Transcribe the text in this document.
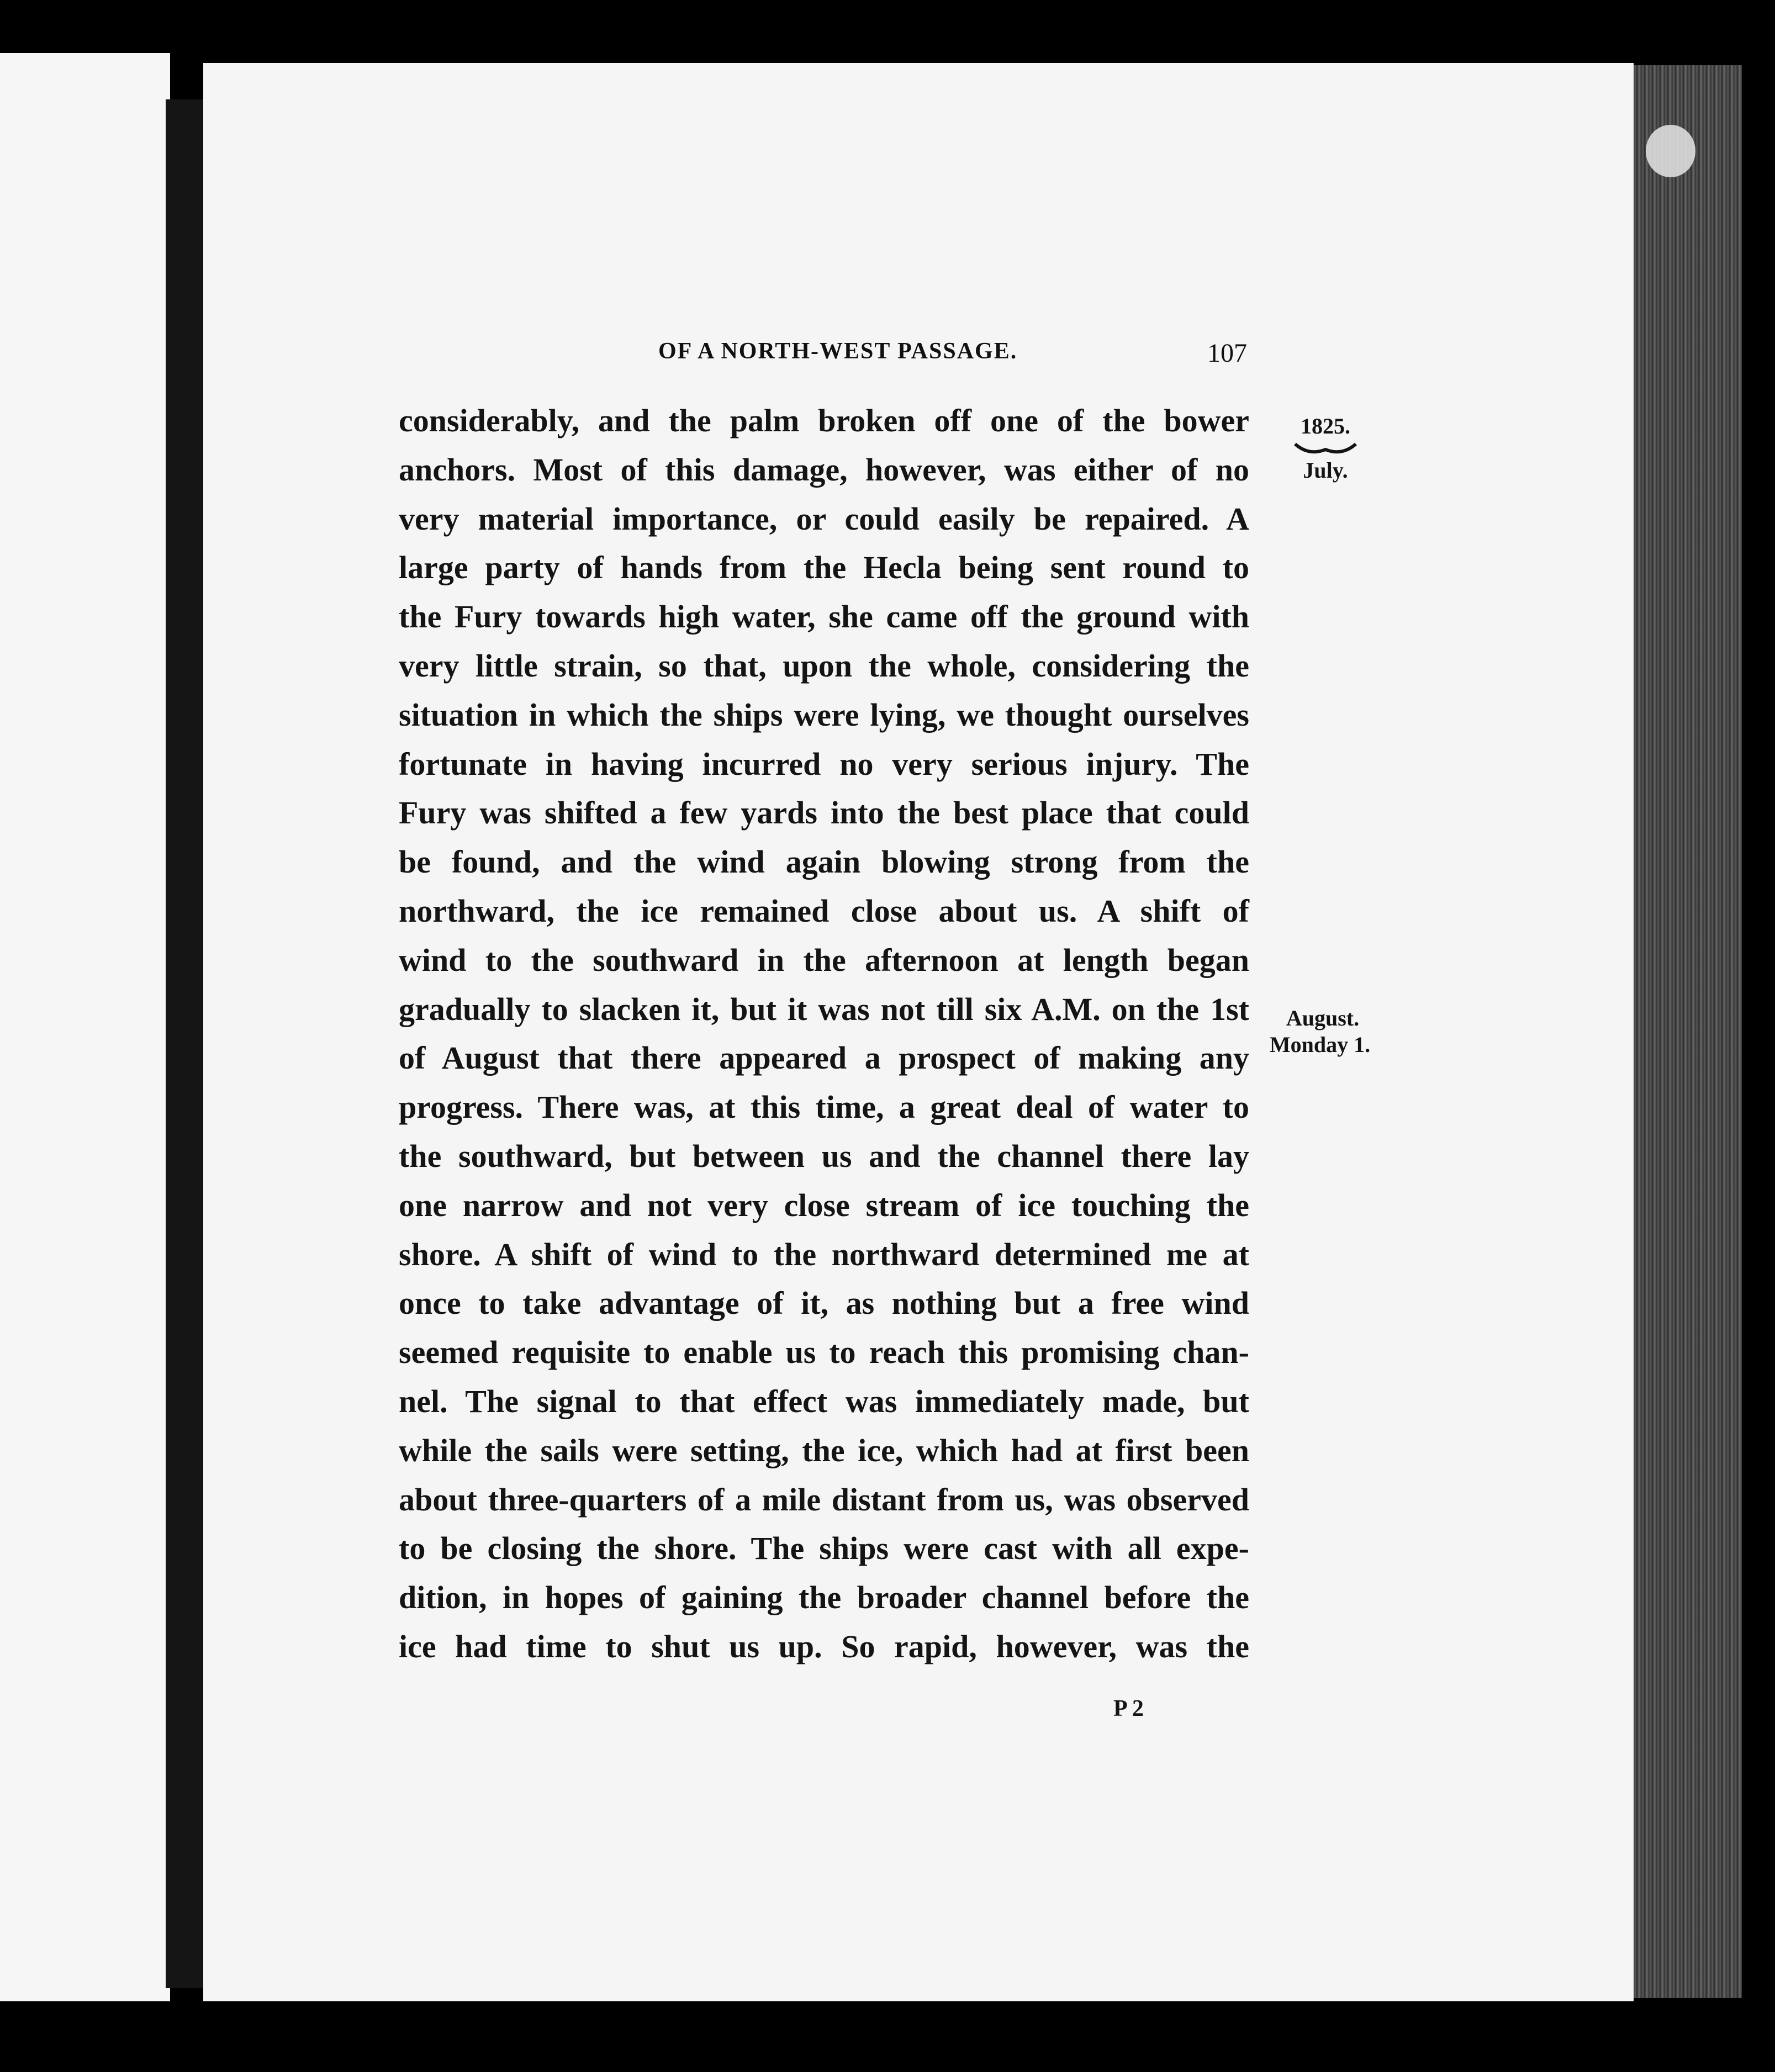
OF A NORTH-WEST PASSAGE.	107
1825.
July.
August.
Monday 1.
considerably, and the palm broken off one of the bower
anchors. Most of this damage, however, was either of no
very material importance, or could easily be repaired. A
large party of hands from the Hecla being sent round to
the Fury towards high water, she came off the ground with
very little strain, so that, upon the whole, considering the
situation in which the ships were lying, we thought ourselves
fortunate in having incurred no very serious injury. The
Fury was shifted a few yards into the best place that could
be found, and the wind again blowing strong from the
northward, the ice remained close about us. A shift of
wind to the southward in the afternoon at length began
gradually to slacken it, but it was not till six A.M. on the 1st
of August that there appeared a prospect of making any
progress. There was, at this time, a great deal of water to
the southward, but between us and the channel there lay
one narrow and not very close stream of ice touching the
shore. A shift of wind to the northward determined me at
once to take advantage of it, as nothing but a free wind
seemed requisite to enable us to reach this promising chan-
nel. The signal to that effect was immediately made, but
while the sails were setting, the ice, which had at first been
about three-quarters of a mile distant from us, was observed
to be closing the shore. The ships were cast with all expe-
dition, in hopes of gaining the broader channel before the
ice had time to shut us up. So rapid, however, was the
P 2
